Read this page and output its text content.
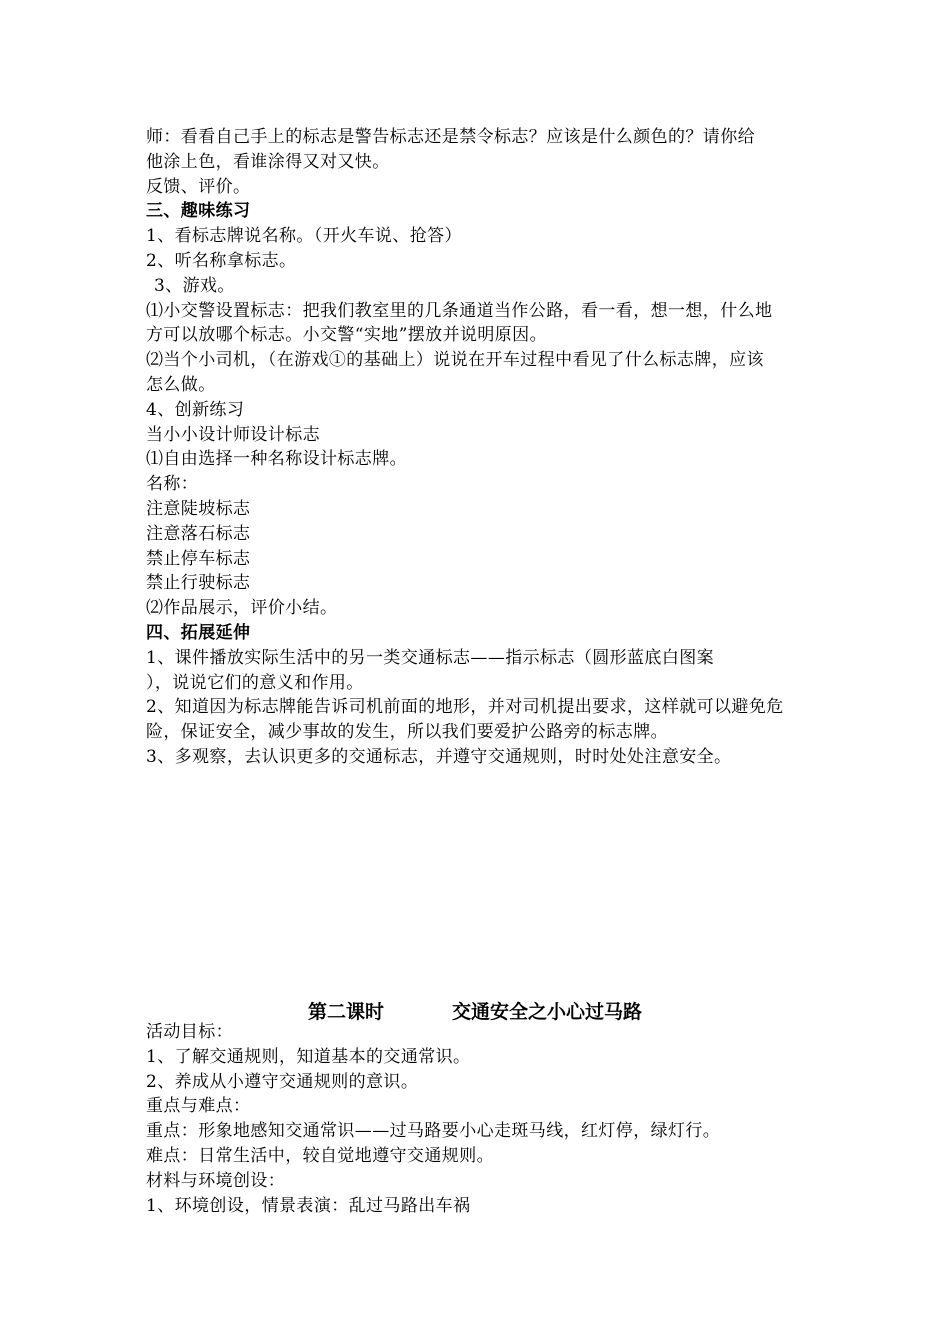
师：看看自己手上的标志是警告标志还是禁令标志？应该是什么颜色的？请你给
他涂上色，看谁涂得又对又快。
反馈、评价。
三、趣味练习
1、看标志牌说名称。（开火车说、抢答）
2、听名称拿标志。
3、游戏。
⑴小交警设置标志：把我们教室里的几条通道当作公路，看一看，想一想，什么地
方可以放哪个标志。小交警“实地”摆放并说明原因。
⑵当个小司机，（在游戏①的基础上）说说在开车过程中看见了什么标志牌，应该
怎么做。
4、创新练习
当小小设计师设计标志
⑴自由选择一种名称设计标志牌。
名称：
注意陡坡标志
注意落石标志
禁止停车标志
禁止行驶标志
⑵作品展示，评价小结。
四、拓展延伸
1、课件播放实际生活中的另一类交通标志——指示标志（圆形蓝底白图案
），说说它们的意义和作用。
2、知道因为标志牌能告诉司机前面的地形，并对司机提出要求，这样就可以避免危
险，保证安全，减少事故的发生，所以我们要爱护公路旁的标志牌。
3、多观察，去认识更多的交通标志，并遵守交通规则，时时处处注意安全。
第二课时	交通安全之小心过马路
活动目标：
1、了解交通规则，知道基本的交通常识。
2、养成从小遵守交通规则的意识。
重点与难点：
重点：形象地感知交通常识——过马路要小心走斑马线，红灯停，绿灯行。
难点：日常生活中，较自觉地遵守交通规则。
材料与环境创设：
1、环境创设，情景表演：乱过马路出车祸
